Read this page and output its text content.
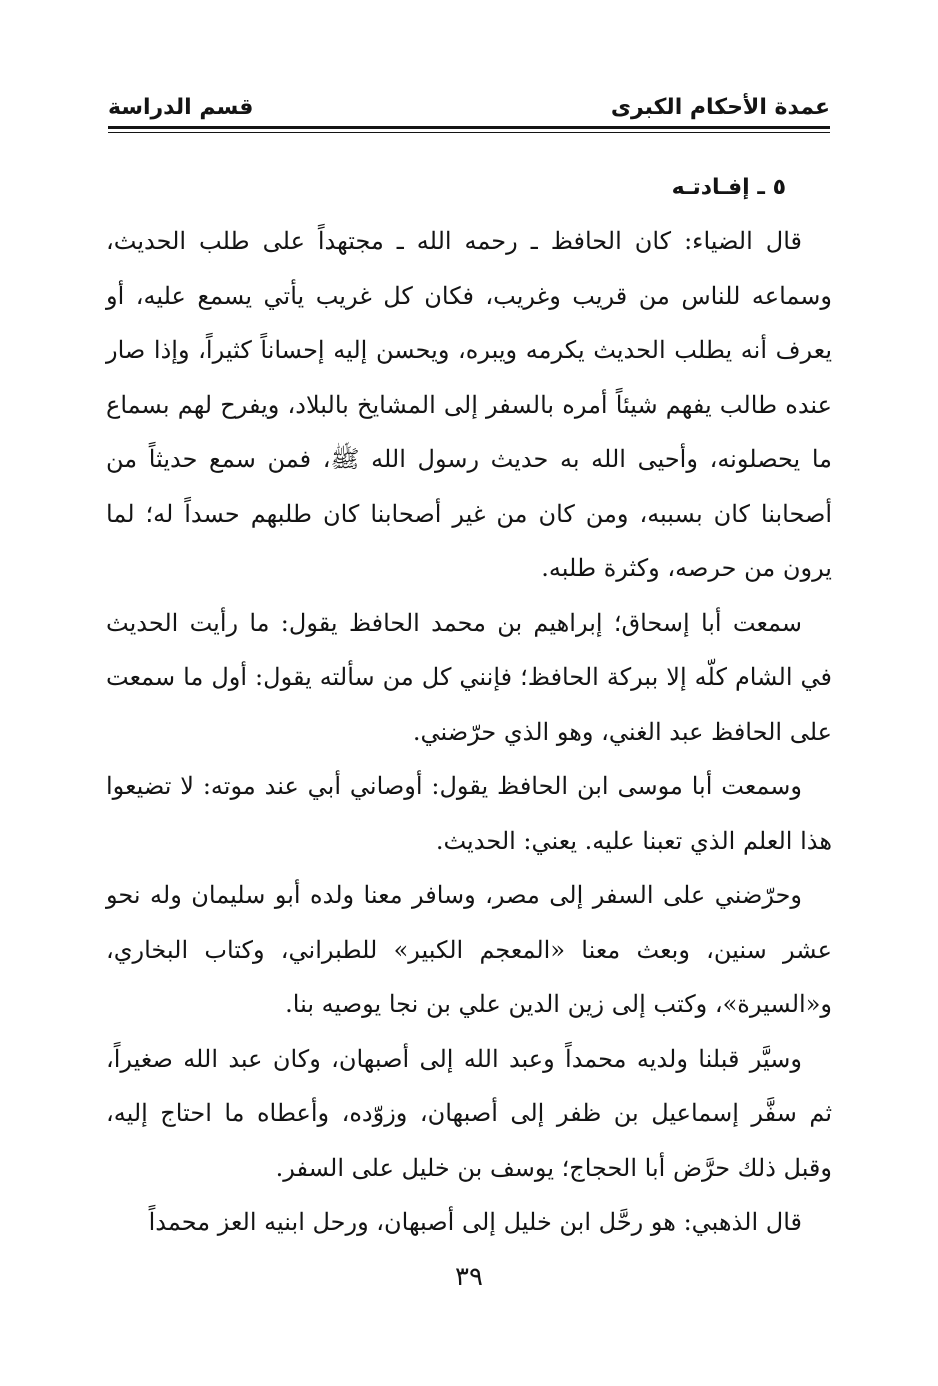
عمدة الأحكام الكبرى
قسم الدراسة
٥ ـ إفـادتـه

قال الضياء: كان الحافظ ـ رحمه الله ـ مجتهداً على طلب الحديث، وسماعه للناس من قريب وغريب، فكان كل غريب يأتي يسمع عليه، أو يعرف أنه يطلب الحديث يكرمه ويبره، ويحسن إليه إحساناً كثيراً، وإذا صار عنده طالب يفهم شيئاً أمره بالسفر إلى المشايخ بالبلاد، ويفرح لهم بسماع ما يحصلونه، وأحيى الله به حديث رسول الله ﷺ، فمن سمع حديثاً من أصحابنا كان بسببه، ومن كان من غير أصحابنا كان طلبهم حسداً له؛ لما يرون من حرصه، وكثرة طلبه.

سمعت أبا إسحاق؛ إبراهيم بن محمد الحافظ يقول: ما رأيت الحديث في الشام كلّه إلا ببركة الحافظ؛ فإنني كل من سألته يقول: أول ما سمعت على الحافظ عبد الغني، وهو الذي حرّضني.

وسمعت أبا موسى ابن الحافظ يقول: أوصاني أبي عند موته: لا تضيعوا هذا العلم الذي تعبنا عليه. يعني: الحديث.

وحرّضني على السفر إلى مصر، وسافر معنا ولده أبو سليمان وله نحو عشر سنين، وبعث معنا «المعجم الكبير» للطبراني، وكتاب البخاري، و«السيرة»، وكتب إلى زين الدين علي بن نجا يوصيه بنا.

وسيَّر قبلنا ولديه محمداً وعبد الله إلى أصبهان، وكان عبد الله صغيراً، ثم سفَّر إسماعيل بن ظفر إلى أصبهان، وزوّده، وأعطاه ما احتاج إليه، وقبل ذلك حرَّض أبا الحجاج؛ يوسف بن خليل على السفر.

قال الذهبي: هو رحَّل ابن خليل إلى أصبهان، ورحل ابنيه العز محمداً

٣٩
